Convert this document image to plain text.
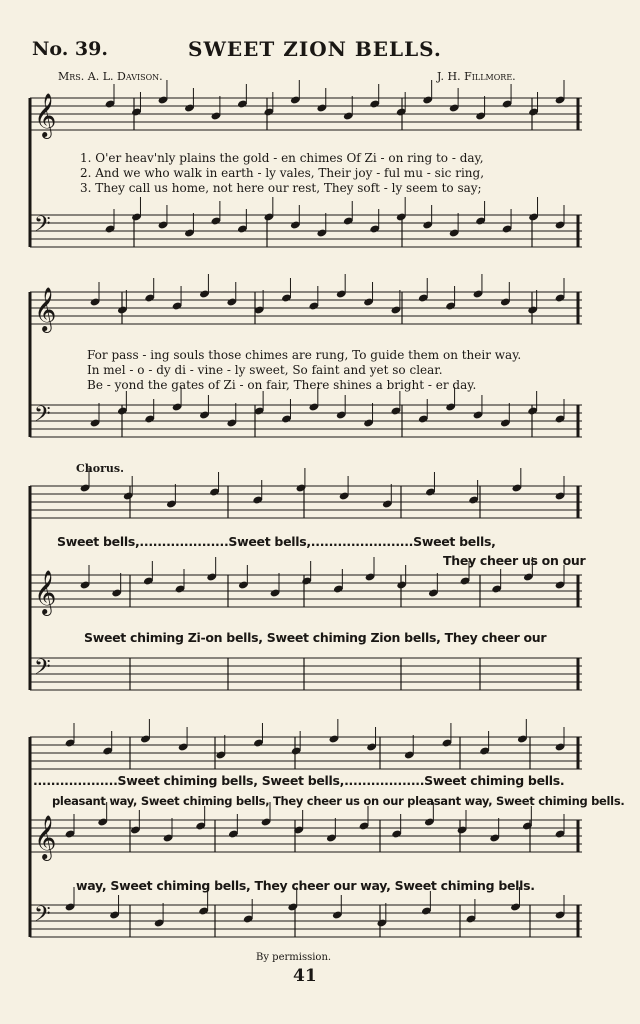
𝄞
𝄢
𝄞
𝄢
𝄞
𝄢
𝄞
𝄢
No. 39.	SWEET ZION BELLS.
Mrs. A. L. Davison.	J. H. Fillmore.
1. O'er heav'nly plains the gold - en chimes Of Zi - on ring to - day,
2. And we who walk in earth - ly vales, Their joy - ful mu - sic ring,
3. They call us home, not here our rest, They soft - ly seem to say;
For pass - ing souls those chimes are rung, To guide them on their way.
In mel - o - dy di - vine - ly sweet, So faint and yet so clear.
Be - yond the gates of Zi - on fair, There shines a bright - er day.
Chorus.
Sweet bells,....................Sweet bells,.......................Sweet bells,
They cheer us on our
Sweet chiming Zi-on bells, Sweet chiming Zion bells, They cheer our
...................Sweet chiming bells, Sweet bells,..................Sweet chiming bells.
pleasant way, Sweet chiming bells, They cheer us on our pleasant way, Sweet chiming bells.
way, Sweet chiming bells, They cheer our way, Sweet chiming bells.
By permission.
41
